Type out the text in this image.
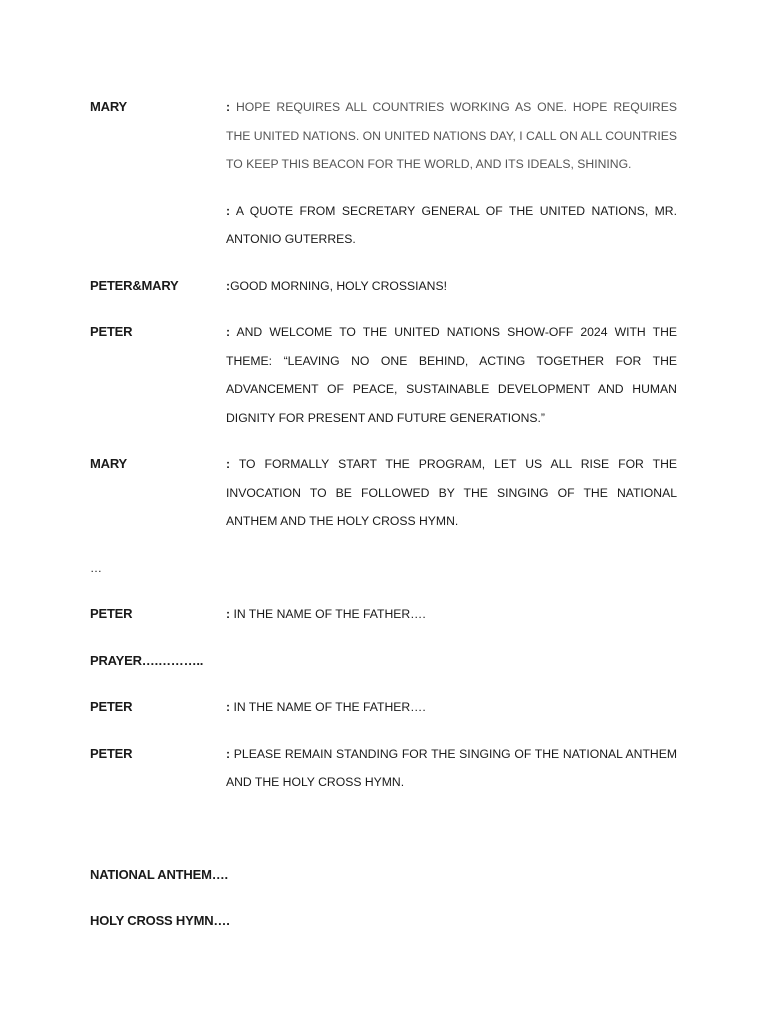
MARY	: HOPE REQUIRES ALL COUNTRIES WORKING AS ONE. HOPE REQUIRES THE UNITED NATIONS. ON UNITED NATIONS DAY, I CALL ON ALL COUNTRIES TO KEEP THIS BEACON FOR THE WORLD, AND ITS IDEALS, SHINING.
: A QUOTE FROM SECRETARY GENERAL OF THE UNITED NATIONS, MR. ANTONIO GUTERRES.
PETER&MARY	:GOOD MORNING, HOLY CROSSIANS!
PETER	: AND WELCOME TO THE UNITED NATIONS SHOW-OFF 2024 WITH THE THEME: “LEAVING NO ONE BEHIND, ACTING TOGETHER FOR THE ADVANCEMENT OF PEACE, SUSTAINABLE DEVELOPMENT AND HUMAN DIGNITY FOR PRESENT AND FUTURE GENERATIONS.”
MARY	: TO FORMALLY START THE PROGRAM, LET US ALL RISE FOR THE INVOCATION TO BE FOLLOWED BY THE SINGING OF THE NATIONAL ANTHEM AND THE HOLY CROSS HYMN.
…
PETER	: IN THE NAME OF THE FATHER….
PRAYER….………..
PETER	: IN THE NAME OF THE FATHER….
PETER	: PLEASE REMAIN STANDING FOR THE SINGING OF THE NATIONAL ANTHEM AND THE HOLY CROSS HYMN.
NATIONAL ANTHEM….
HOLY CROSS HYMN….
